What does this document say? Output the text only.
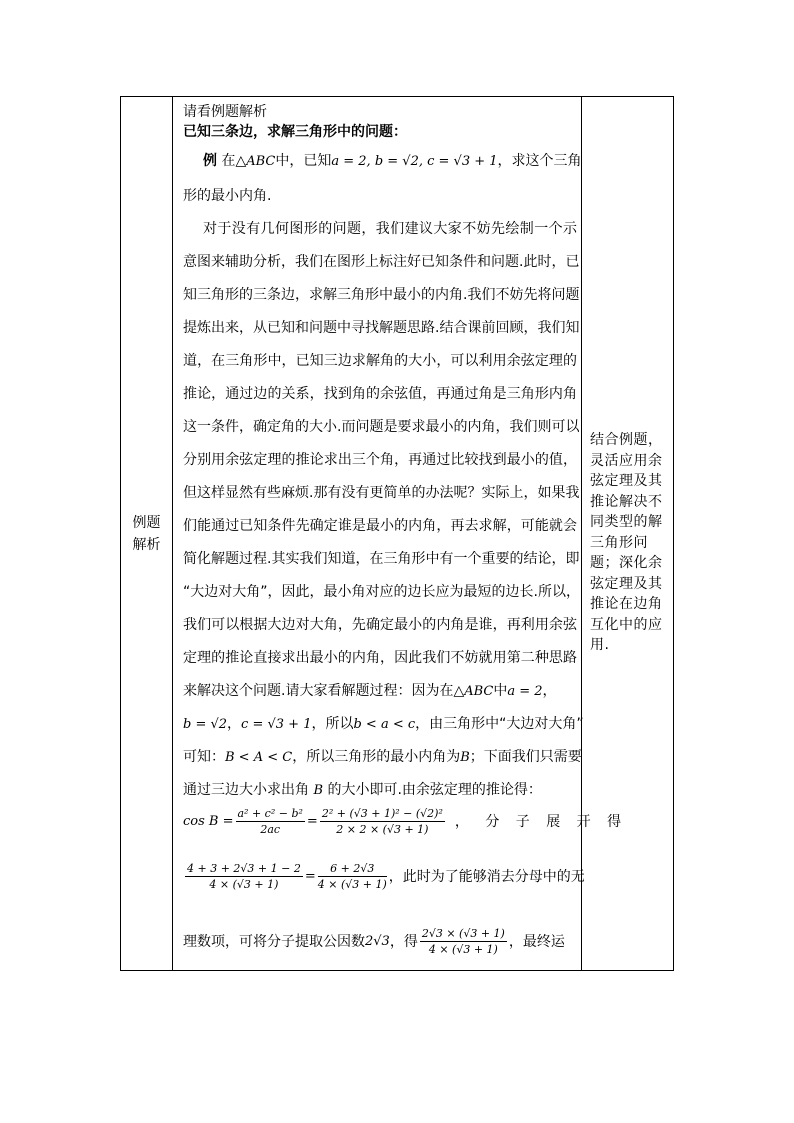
例题解析
请看例题解析
已知三条边，求解三角形中的问题：
例 在△ABC中，已知a = 2, b = √2, c = √3 + 1，求这个三角
形的最小内角.
对于没有几何图形的问题，我们建议大家不妨先绘制一个示
意图来辅助分析，我们在图形上标注好已知条件和问题.此时，已
知三角形的三条边，求解三角形中最小的内角.我们不妨先将问题
提炼出来，从已知和问题中寻找解题思路.结合课前回顾，我们知
道，在三角形中，已知三边求解角的大小，可以利用余弦定理的
推论，通过边的关系，找到角的余弦值，再通过角是三角形内角
这一条件，确定角的大小.而问题是要求最小的内角，我们则可以
分别用余弦定理的推论求出三个角，再通过比较找到最小的值，
但这样显然有些麻烦.那有没有更简单的办法呢？实际上，如果我
们能通过已知条件先确定谁是最小的内角，再去求解，可能就会
简化解题过程.其实我们知道，在三角形中有一个重要的结论，即
“大边对大角”，因此，最小角对应的边长应为最短的边长.所以，
我们可以根据大边对大角，先确定最小的内角是谁，再利用余弦
定理的推论直接求出最小的内角，因此我们不妨就用第二种思路
来解决这个问题.请大家看解题过程：因为在△ABC中a = 2，
b = √2，c = √3 + 1，所以b < a < c，由三角形中“大边对大角”
可知：B < A < C，所以三角形的最小内角为B；下面我们只需要
通过三边大小求出角 B 的大小即可.由余弦定理的推论得：
$\cos B = \frac{\text{a² + c² − b²}}{2ac} = \frac{\text{2² + (√3 + 1)² − (√2)²}}{2 \times 2 \times (√3 + 1)}$ ， 分 子 展 开 得
$\frac{4 + 3 + 2√3 + 1 - 2}{4 \times (√3 + 1)} = \frac{6 + 2√3}{4 \times (√3 + 1)}$ ，此时为了能够消去分母中的无
理数项，可将分子提取公因数 2√3 ，得 $\frac{2√3 \times (√3 + 1)}{4 \times (√3 + 1)}$ ，最终运
结合例题，灵活应用余弦定理及其推论解决不同类型的解三角形问题；深化余弦定理及其推论在边角互化中的应用.
